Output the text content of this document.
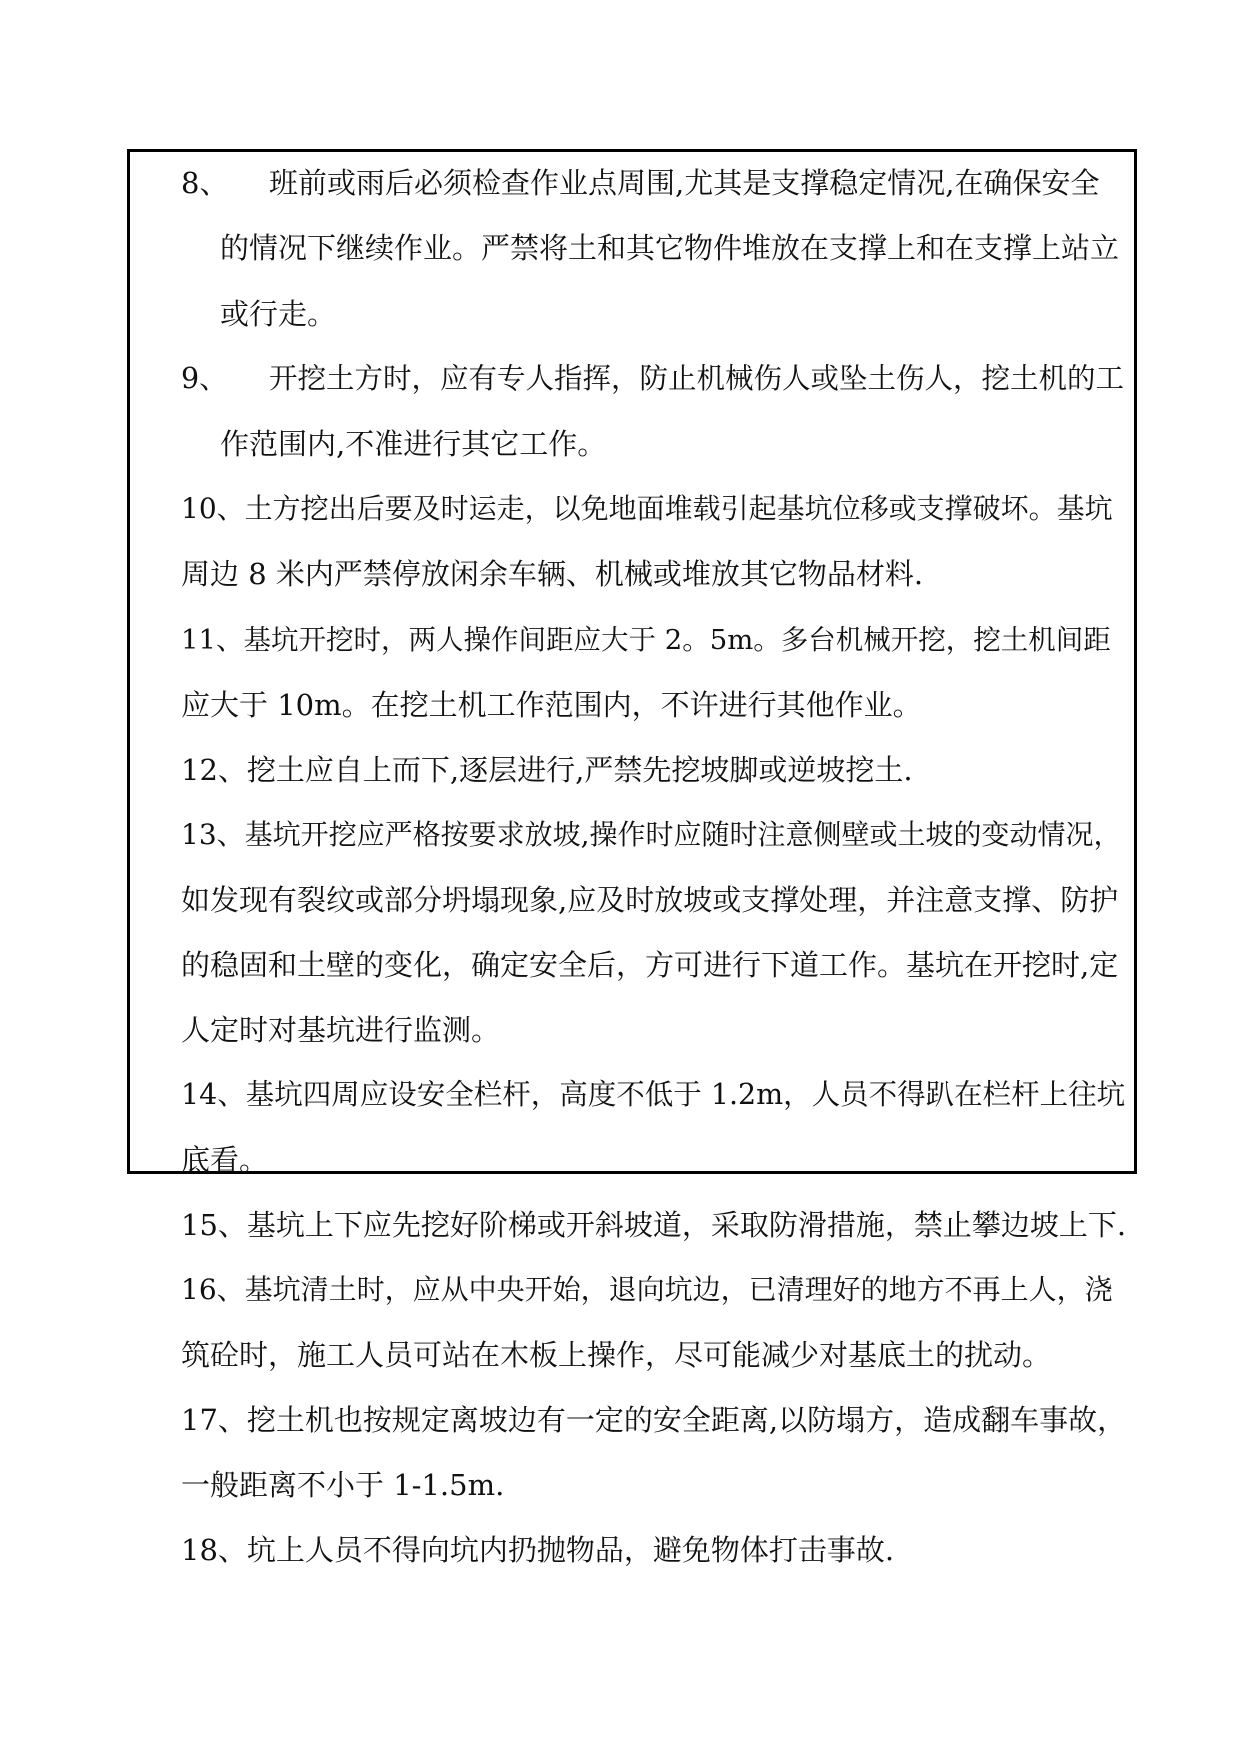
8、 班前或雨后必须检查作业点周围,尤其是支撑稳定情况,在确保安全
的情况下继续作业。严禁将土和其它物件堆放在支撑上和在支撑上站立
或行走。
9、 开挖土方时，应有专人指挥，防止机械伤人或坠土伤人，挖土机的工
作范围内,不准进行其它工作。
10、土方挖出后要及时运走，以免地面堆载引起基坑位移或支撑破坏。基坑
周边 8 米内严禁停放闲余车辆、机械或堆放其它物品材料.
11、基坑开挖时，两人操作间距应大于 2。5m。多台机械开挖，挖土机间距
应大于 10m。在挖土机工作范围内，不许进行其他作业。
12、挖土应自上而下,逐层进行,严禁先挖坡脚或逆坡挖土.
13、基坑开挖应严格按要求放坡,操作时应随时注意侧壁或土坡的变动情况，
如发现有裂纹或部分坍塌现象,应及时放坡或支撑处理，并注意支撑、防护
的稳固和土壁的变化，确定安全后，方可进行下道工作。基坑在开挖时,定
人定时对基坑进行监测。
14、基坑四周应设安全栏杆，高度不低于 1.2m，人员不得趴在栏杆上往坑
底看。
15、基坑上下应先挖好阶梯或开斜坡道，采取防滑措施，禁止攀边坡上下.
16、基坑清土时，应从中央开始，退向坑边，已清理好的地方不再上人，浇
筑砼时，施工人员可站在木板上操作，尽可能减少对基底土的扰动。
17、挖土机也按规定离坡边有一定的安全距离,以防塌方，造成翻车事故，
一般距离不小于 1-1.5m.
18、坑上人员不得向坑内扔抛物品，避免物体打击事故.
